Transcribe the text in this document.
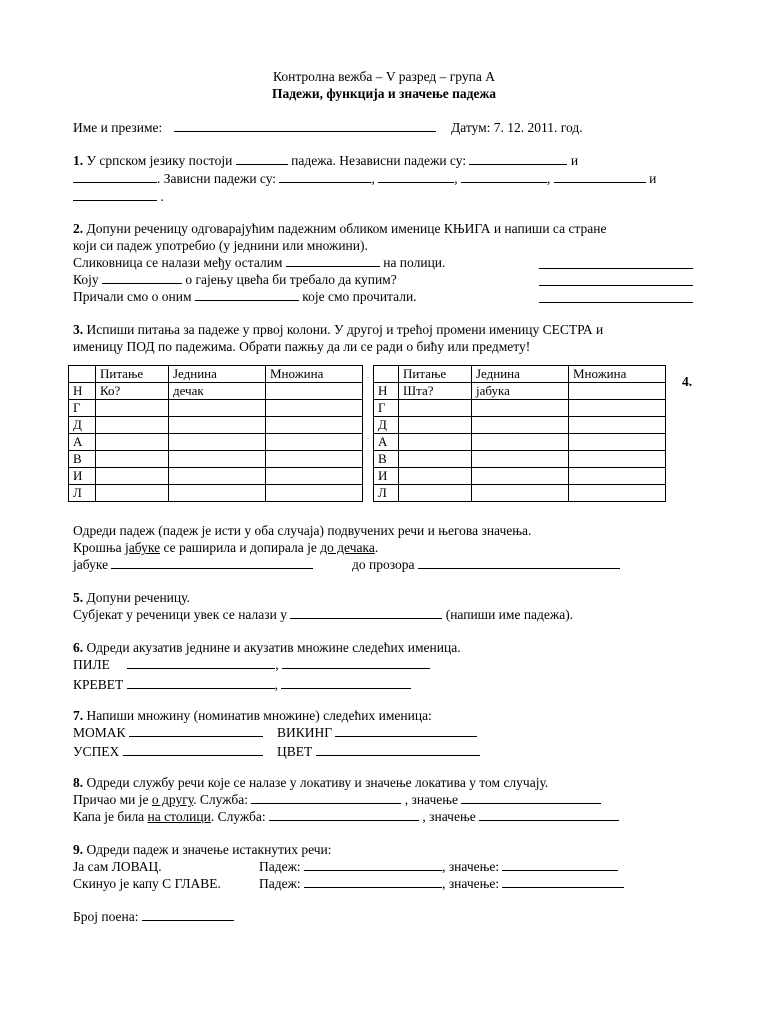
Контролна вежба – V разред – група А
Падежи, функција и значење падежа
Име и презиме:	Датум: 7. 12. 2011. год.
1. У српском језику постоји	падежа. Независни падежи су:	и
. Зависни падежи су:	,	,	,	и
.
2. Допуни реченицу одговарајућим падежним обликом именице КЊИГА и напиши са стране
који си падеж употребио (у једнини или множини).
Сликовница се налази међу осталим	на полици.
Коју	о гајењу цвећа би требало да купим?
Причали смо о оним	које смо прочитали.
3. Испиши питања за падеже у првој колони. У другој и трећој промени именицу СЕСТРА и
именицу ПОД по падежима. Обрати пажњу да ли се ради о бићу или предмету!
	Питање	Једнина	Множина
Н	Ко?	дечак	
Г			
Д			
А			
В			
И			
Л			
	Питање	Једнина	Множина
Н	Шта?	јабука	
Г			
Д			
А			
В			
И			
Л			
4.
Одреди падеж (падеж је исти у оба случаја) подвучених речи и његова значења.
Крошња јабуке се раширила и допирала је до дечака.
јабуке	до прозора
5. Допуни реченицу.
Субјекат у реченици увек се налази у	(напиши име падежа).
6. Одреди акузатив једнине и акузатив множине следећих именица.
ПИЛЕ	,
КРЕВЕТ	,
7. Напиши множину (номинатив множине) следећих именица:
МОМАК	ВИКИНГ
УСПЕХ	ЦВЕТ
8. Одреди службу речи које се налазе у локативу и значење локатива у том случају.
Причао ми је о другу. Служба:	, значење
Капа је била на столици. Служба:	, значење
9. Одреди падеж и значење истакнутих речи:
Ја сам ЛОВАЦ.	Падеж:	, значење:
Скинуо је капу С ГЛАВЕ.	Падеж:	, значење:
Број поена:
